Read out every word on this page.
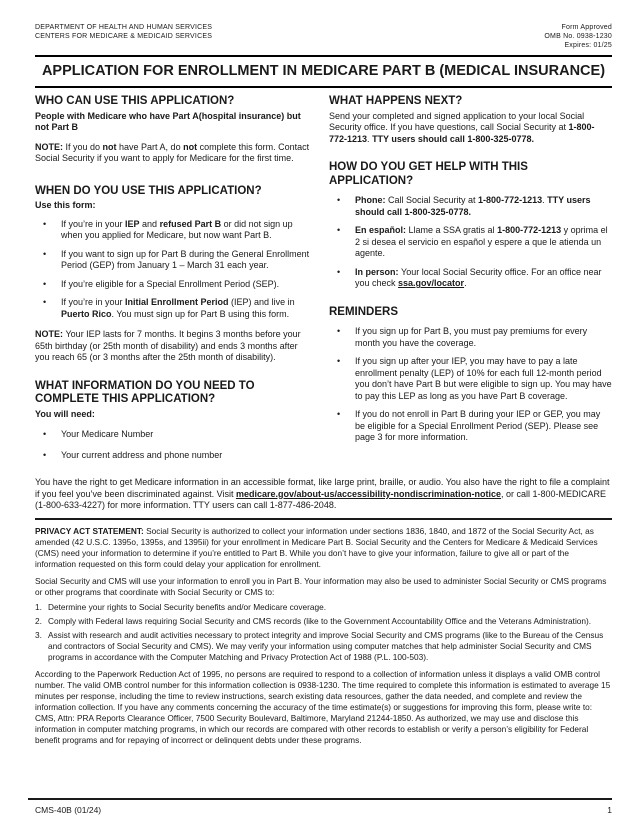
DEPARTMENT OF HEALTH AND HUMAN SERVICES
CENTERS FOR MEDICARE & MEDICAID SERVICES
Form Approved
OMB No. 0938-1230
Expires: 01/25
APPLICATION FOR ENROLLMENT IN MEDICARE PART B (MEDICAL INSURANCE)
WHO CAN USE THIS APPLICATION?

People with Medicare who have Part A(hospital insurance) but not Part B

NOTE: If you do not have Part A, do not complete this form. Contact Social Security if you want to apply for Medicare for the first time.

WHEN DO YOU USE THIS APPLICATION?

Use this form:

• If you’re in your IEP and refused Part B or did not sign up when you applied for Medicare, but now want Part B.
• If you want to sign up for Part B during the General Enrollment Period (GEP) from January 1 – March 31 each year.
• If you’re eligible for a Special Enrollment Period (SEP).
• If you’re in your Initial Enrollment Period (IEP) and live in Puerto Rico. You must sign up for Part B using this form.

NOTE: Your IEP lasts for 7 months. It begins 3 months before your 65th birthday (or 25th month of disability) and ends 3 months after you reach 65 (or 3 months after the 25th month of disability).

WHAT INFORMATION DO YOU NEED TO COMPLETE THIS APPLICATION?

You will need:

• Your Medicare Number
• Your current address and phone number
WHAT HAPPENS NEXT?

Send your completed and signed application to your local Social Security office. If you have questions, call Social Security at 1-800-772-1213. TTY users should call 1-800-325-0778.

HOW DO YOU GET HELP WITH THIS APPLICATION?
• Phone: Call Social Security at 1-800-772-1213. TTY users should call 1-800-325-0778.
• En español: Llame a SSA gratis al 1-800-772-1213 y oprima el 2 si desea el servicio en español y espere a que le atienda un agente.
• In person: Your local Social Security office. For an office near you check ssa.gov/locator.
REMINDERS
• If you sign up for Part B, you must pay premiums for every month you have the coverage.
• If you sign up after your IEP, you may have to pay a late enrollment penalty (LEP) of 10% for each full 12-month period you don’t have Part B but were eligible to sign up. You may have to pay this LEP as long as you have Part B coverage.
• If you do not enroll in Part B during your IEP or GEP, you may be eligible for a Special Enrollment Period (SEP). Please see page 3 for more information.

You have the right to get Medicare information in an accessible format, like large print, braille, or audio. You also have the right to file a complaint if you feel you’ve been discriminated against. Visit medicare.gov/about-us/accessibility-nondiscrimination-notice, or call 1-800-MEDICARE (1-800-633-4227) for more information. TTY users can call 1-877-486-2048.

PRIVACY ACT STATEMENT: Social Security is authorized to collect your information under sections 1836, 1840, and 1872 of the Social Security Act, as amended (42 U.S.C. 1395o, 1395s, and 1395ii) for your enrollment in Medicare Part B. Social Security and the Centers for Medicare & Medicaid Services (CMS) need your information to determine if you’re entitled to Part B. While you don’t have to give your information, failure to give all or part of the information requested on this form could delay your application for enrollment.

Social Security and CMS will use your information to enroll you in Part B. Your information may also be used to administer Social Security or CMS programs or other programs that coordinate with Social Security or CMS to:

Determine your rights to Social Security benefits and/or Medicare coverage.
Comply with Federal laws requiring Social Security and CMS records (like to the Government Accountability Office and the Veterans Administration).
Assist with research and audit activities necessary to protect integrity and improve Social Security and CMS programs (like to the Bureau of the Census and contractors of Social Security and CMS). We may verify your information using computer matches that help administer Social Security and CMS programs in accordance with the Computer Matching and Privacy Protection Act of 1988 (P.L. 100-503).

According to the Paperwork Reduction Act of 1995, no persons are required to respond to a collection of information unless it displays a valid OMB control number. The valid OMB control number for this information collection is 0938-1230. The time required to complete this information is estimated to average 15 minutes per response, including the time to review instructions, search existing data resources, gather the data needed, and complete and review the information collection. If you have any comments concerning the accuracy of the time estimate(s) or suggestions for improving this form, please write to: CMS, Attn: PRA Reports Clearance Officer, 7500 Security Boulevard, Baltimore, Maryland 21244-1850. As authorized, we may use and disclose this information in computer matching programs, in which our records are compared with other records to establish or verify a person’s eligibility for Federal benefit programs and for repaying of incorrect or delinquent debts under these programs.

CMS-40B (01/24)	1
